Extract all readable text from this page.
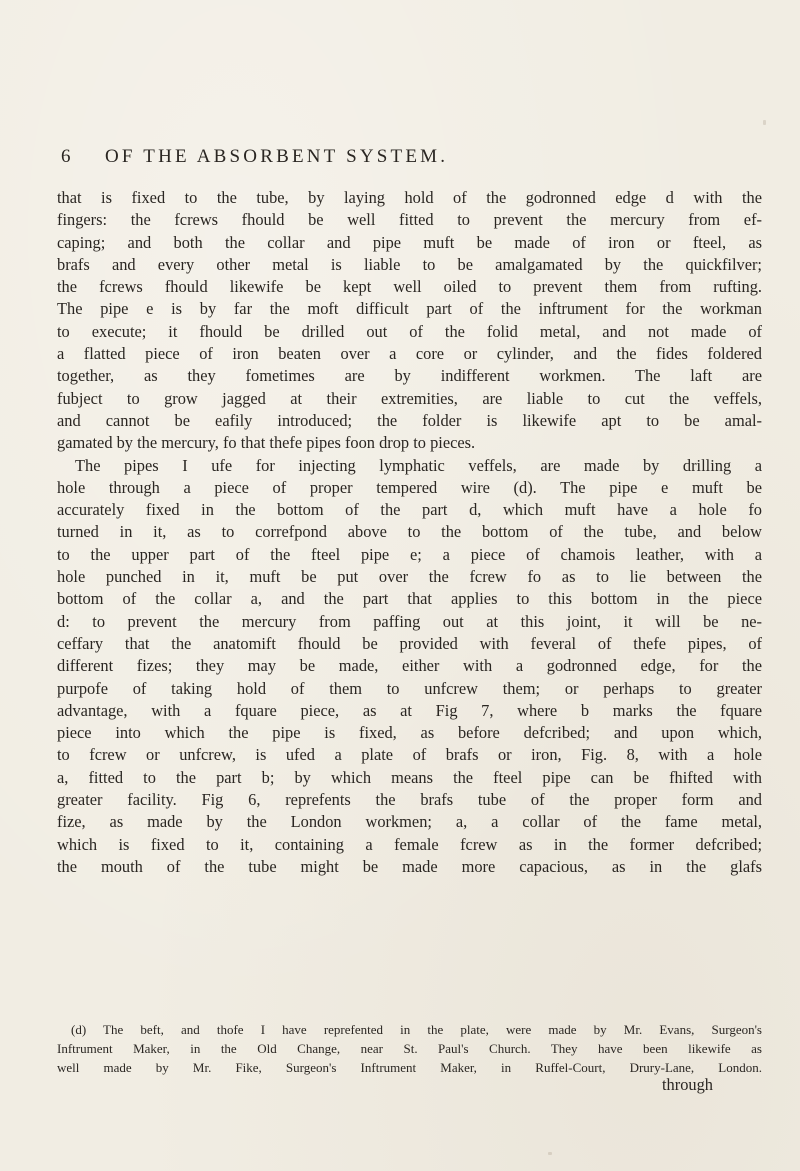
6 OF THE ABSORBENT SYSTEM.
that is fixed to the tube, by laying hold of the godronned edge d with the
fingers: the fcrews fhould be well fitted to prevent the mercury from ef-
caping; and both the collar and pipe muft be made of iron or fteel, as
brafs and every other metal is liable to be amalgamated by the quickfilver;
the fcrews fhould likewife be kept well oiled to prevent them from rufting.
The pipe e is by far the moft difficult part of the inftrument for the workman
to execute; it fhould be drilled out of the folid metal, and not made of
a flatted piece of iron beaten over a core or cylinder, and the fides foldered
together, as they fometimes are by indifferent workmen. The laft are
fubject to grow jagged at their extremities, are liable to cut the veffels,
and cannot be eafily introduced; the folder is likewife apt to be amal-
gamated by the mercury, fo that thefe pipes foon drop to pieces.
The pipes I ufe for injecting lymphatic veffels, are made by drilling a
hole through a piece of proper tempered wire (d). The pipe e muft be
accurately fixed in the bottom of the part d, which muft have a hole fo
turned in it, as to correfpond above to the bottom of the tube, and below
to the upper part of the fteel pipe e; a piece of chamois leather, with a
hole punched in it, muft be put over the fcrew fo as to lie between the
bottom of the collar a, and the part that applies to this bottom in the piece
d: to prevent the mercury from paffing out at this joint, it will be ne-
ceffary that the anatomift fhould be provided with feveral of thefe pipes, of
different fizes; they may be made, either with a godronned edge, for the
purpofe of taking hold of them to unfcrew them; or perhaps to greater
advantage, with a fquare piece, as at Fig 7, where b marks the fquare
piece into which the pipe is fixed, as before defcribed; and upon which,
to fcrew or unfcrew, is ufed a plate of brafs or iron, Fig. 8, with a hole
a, fitted to the part b; by which means the fteel pipe can be fhifted with
greater facility. Fig 6, reprefents the brafs tube of the proper form and
fize, as made by the London workmen; a, a collar of the fame metal,
which is fixed to it, containing a female fcrew as in the former defcribed;
the mouth of the tube might be made more capacious, as in the glafs
(d) The beft, and thofe I have reprefented in the plate, were made by Mr. Evans, Surgeon's
Inftrument Maker, in the Old Change, near St. Paul's Church. They have been likewife as
well made by Mr. Fike, Surgeon's Inftrument Maker, in Ruffel-Court, Drury-Lane, London.
through
